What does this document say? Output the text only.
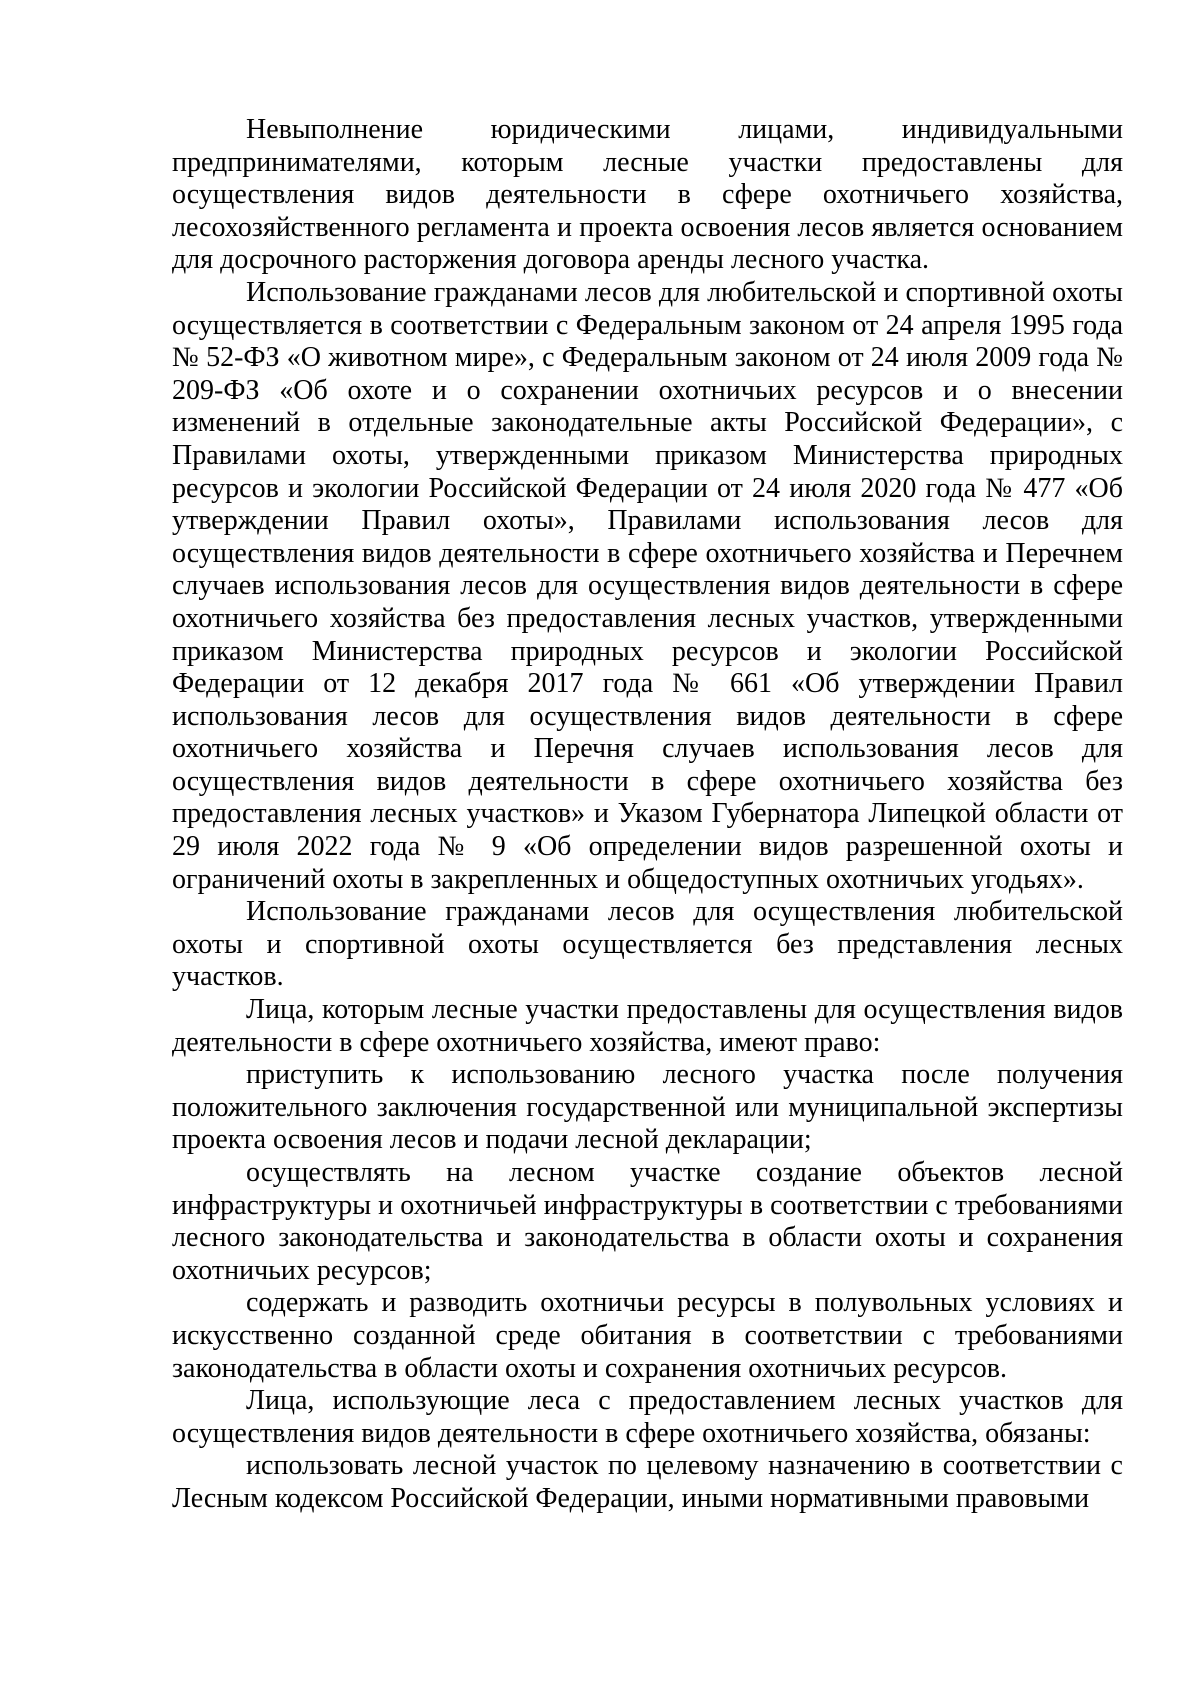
Невыполнение юридическими лицами, индивидуальными предпринимателями, которым лесные участки предоставлены для осуществления видов деятельности в сфере охотничьего хозяйства, лесохозяйственного регламента и проекта освоения лесов является основанием для досрочного расторжения договора аренды лесного участка.

Использование гражданами лесов для любительской и спортивной охоты осуществляется в соответствии с Федеральным законом от 24 апреля 1995 года № 52-ФЗ «О животном мире», с Федеральным законом от 24 июля 2009 года № 209-ФЗ «Об охоте и о сохранении охотничьих ресурсов и о внесении изменений в отдельные законодательные акты Российской Федерации», с Правилами охоты, утвержденными приказом Министерства природных ресурсов и экологии Российской Федерации от 24 июля 2020 года № 477 «Об утверждении Правил охоты», Правилами использования лесов для осуществления видов деятельности в сфере охотничьего хозяйства и Перечнем случаев использования лесов для осуществления видов деятельности в сфере охотничьего хозяйства без предоставления лесных участков, утвержденными приказом Министерства природных ресурсов и экологии Российской Федерации от 12 декабря 2017 года № 661 «Об утверждении Правил использования лесов для осуществления видов деятельности в сфере охотничьего хозяйства и Перечня случаев использования лесов для осуществления видов деятельности в сфере охотничьего хозяйства без предоставления лесных участков» и Указом Губернатора Липецкой области от 29 июля 2022 года № 9 «Об определении видов разрешенной охоты и ограничений охоты в закрепленных и общедоступных охотничьих угодьях».

Использование гражданами лесов для осуществления любительской охоты и спортивной охоты осуществляется без представления лесных участков.

Лица, которым лесные участки предоставлены для осуществления видов деятельности в сфере охотничьего хозяйства, имеют право:

приступить к использованию лесного участка после получения положительного заключения государственной или муниципальной экспертизы проекта освоения лесов и подачи лесной декларации;

осуществлять на лесном участке создание объектов лесной инфраструктуры и охотничьей инфраструктуры в соответствии с требованиями лесного законодательства и законодательства в области охоты и сохранения охотничьих ресурсов;

содержать и разводить охотничьи ресурсы в полувольных условиях и искусственно созданной среде обитания в соответствии с требованиями законодательства в области охоты и сохранения охотничьих ресурсов.

Лица, использующие леса с предоставлением лесных участков для осуществления видов деятельности в сфере охотничьего хозяйства, обязаны:

использовать лесной участок по целевому назначению в соответствии с Лесным кодексом Российской Федерации, иными нормативными правовыми
